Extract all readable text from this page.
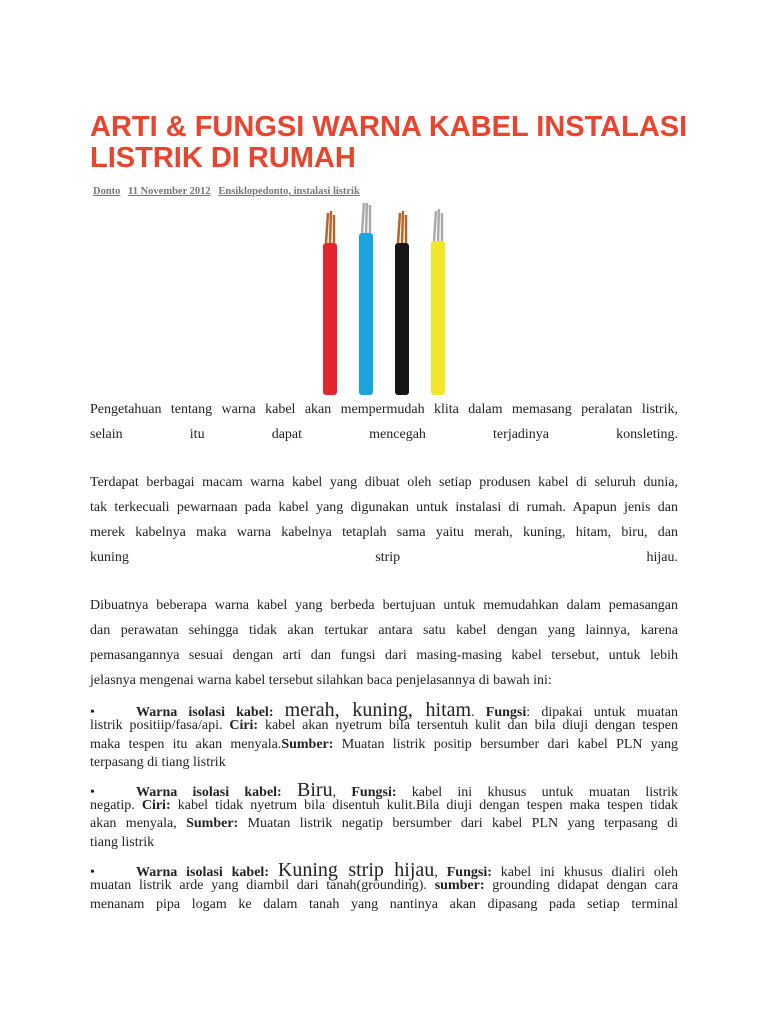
ARTI & FUNGSI WARNA KABEL INSTALASI
LISTRIK DI RUMAH
Donto 11 November 2012 Ensiklopedonto, instalasi listrik
Pengetahuan tentang warna kabel akan mempermudah klita dalam memasang peralatan listrik,
selain itu dapat mencegah terjadinya konsleting.
Terdapat berbagai macam warna kabel yang dibuat oleh setiap produsen kabel di seluruh dunia,
tak terkecuali pewarnaan pada kabel yang digunakan untuk instalasi di rumah. Apapun jenis dan
merek kabelnya maka warna kabelnya tetaplah sama yaitu merah, kuning, hitam, biru, dan
kuning strip hijau.
Dibuatnya beberapa warna kabel yang berbeda bertujuan untuk memudahkan dalam pemasangan
dan perawatan sehingga tidak akan tertukar antara satu kabel dengan yang lainnya, karena
pemasangannya sesuai dengan arti dan fungsi dari masing-masing kabel tersebut, untuk lebih
jelasnya mengenai warna kabel tersebut silahkan baca penjelasannya di bawah ini:
•	Warna isolasi kabel: merah, kuning, hitam. Fungsi: dipakai untuk muatan
listrik positiip/fasa/api. Ciri: kabel akan nyetrum bila tersentuh kulit dan bila diuji dengan tespen
maka tespen itu akan menyala.Sumber: Muatan listrik positip bersumber dari kabel PLN yang
terpasang di tiang listrik
•	Warna isolasi kabel: Biru, Fungsi: kabel ini khusus untuk muatan listrik
negatip. Ciri: kabel tidak nyetrum bila disentuh kulit.Bila diuji dengan tespen maka tespen tidak
akan menyala, Sumber: Muatan listrik negatip bersumber dari kabel PLN yang terpasang di
tiang listrik
•	Warna isolasi kabel: Kuning strip hijau, Fungsi: kabel ini khusus dialiri oleh
muatan listrik arde yang diambil dari tanah(grounding). sumber: grounding didapat dengan cara
menanam pipa logam ke dalam tanah yang nantinya akan dipasang pada setiap terminal
